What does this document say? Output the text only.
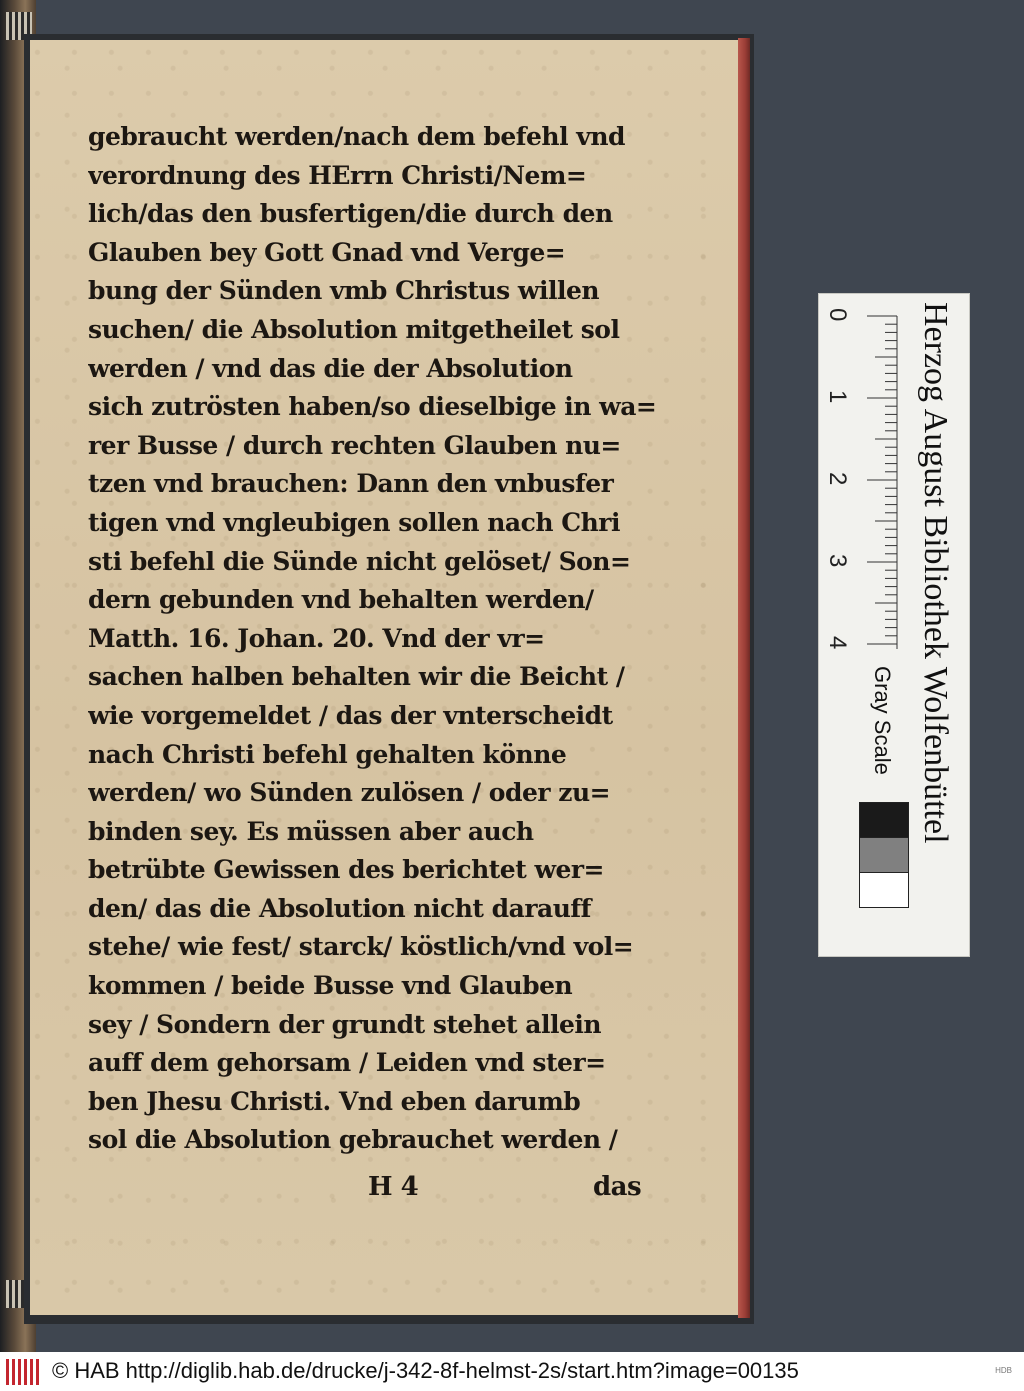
gebraucht werden/nach dem befehl vnd
verordnung des HErrn Christi/Nem=
lich/das den busfertigen/die durch den
Glauben bey Gott Gnad vnd Verge=
bung der Sünden vmb Christus willen
suchen/ die Absolution mitgetheilet sol
werden / vnd das die der Absolution
sich zutrösten haben/so dieselbige in wa=
rer Busse / durch rechten Glauben nu=
tzen vnd brauchen: Dann den vnbusfer
tigen vnd vngleubigen sollen nach Chri
sti befehl die Sünde nicht gelöset/ Son=
dern gebunden vnd behalten werden/
Matth. 16. Johan. 20. Vnd der vr=
sachen halben behalten wir die Beicht /
wie vorgemeldet / das der vnterscheidt
nach Christi befehl gehalten könne
werden/ wo Sünden zulösen / oder zu=
binden sey. Es müssen aber auch
betrübte Gewissen des berichtet wer=
den/ das die Absolution nicht darauff
stehe/ wie fest/ starck/ köstlich/vnd vol=
kommen / beide Busse vnd Glauben
sey / Sondern der grundt stehet allein
auff dem gehorsam / Leiden vnd ster=
ben Jhesu Christi. Vnd eben darumb
sol die Absolution gebrauchet werden /
H 4	das
0
1
2
3
4
Gray Scale Herzog August Bibliothek Wolfenbüttel
© HAB http://diglib.hab.de/drucke/j-342-8f-helmst-2s/start.htm?image=00135	HDB
